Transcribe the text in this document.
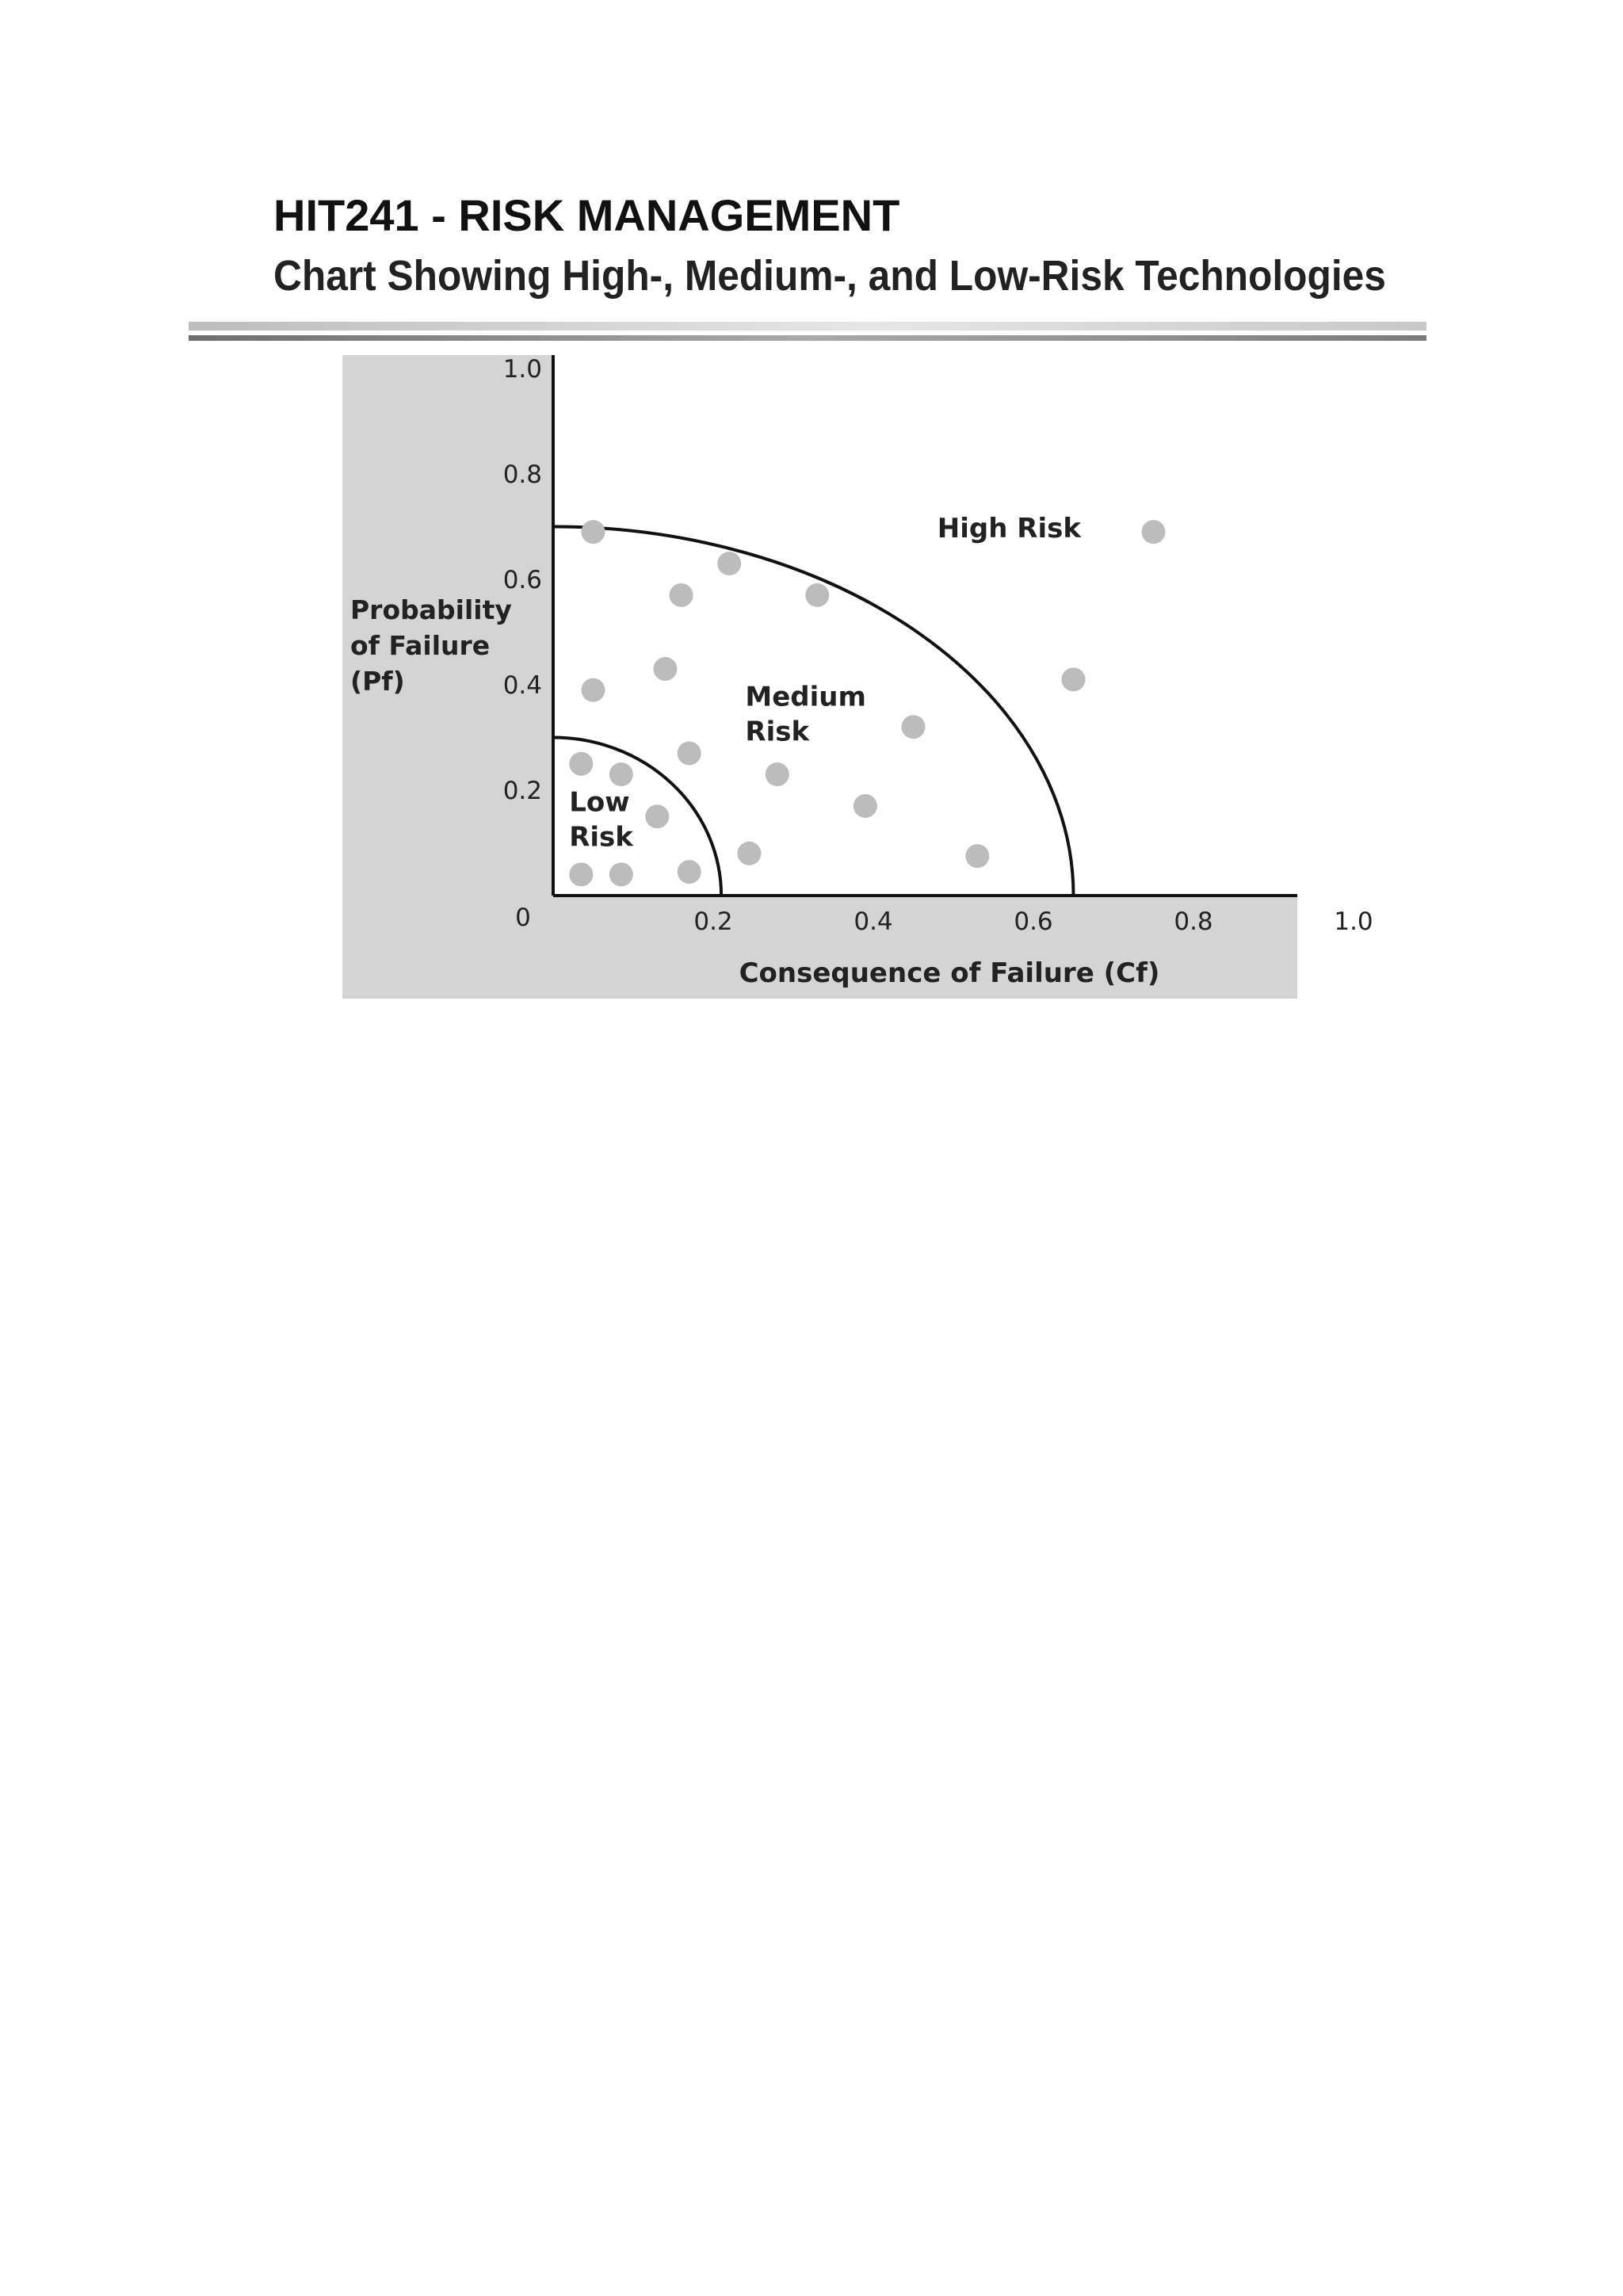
HIT241 - RISK MANAGEMENT
Chart Showing High-, Medium-, and Low-Risk Technologies
Low Risk
Medium Risk
High Risk
0.2	0.4	0.6	0.8	1.0
0.2
0.4
0.6
0.8
1.0
0
Consequence of Failure (Cf)
Probability of Failure (Pf)
